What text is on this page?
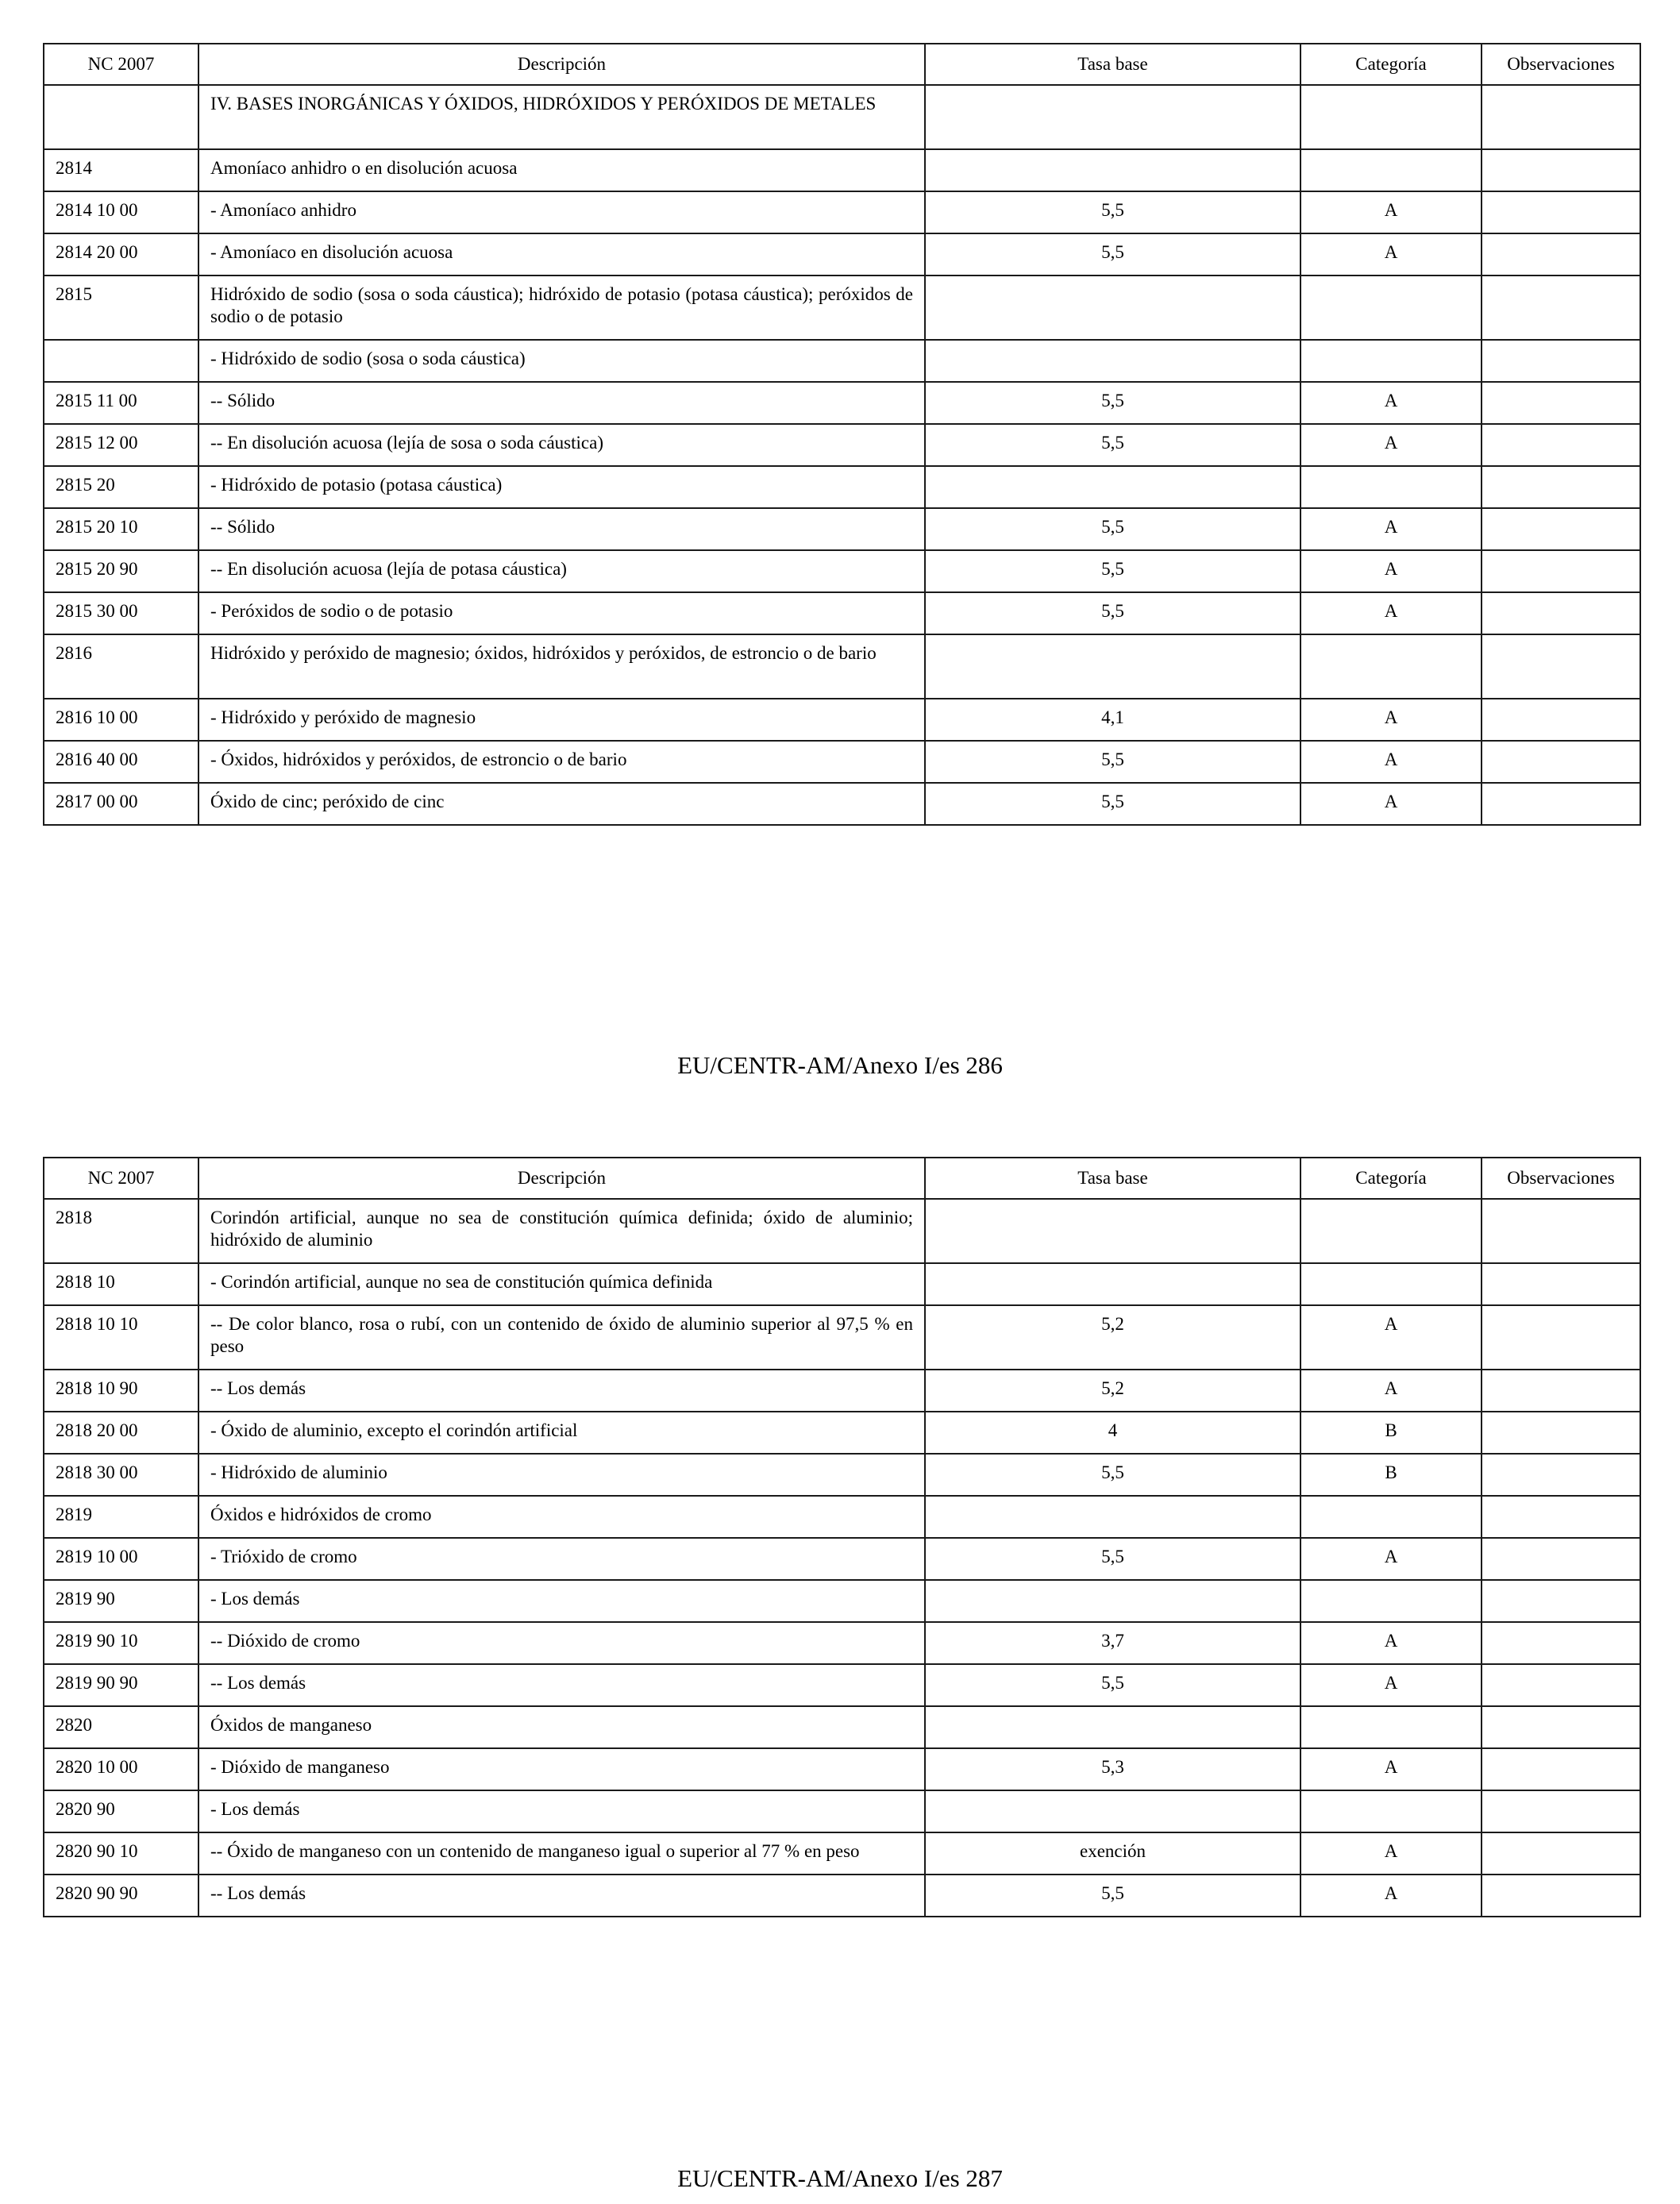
NC 2007	Descripción	Tasa base	Categoría	Observaciones
	IV. BASES INORGÁNICAS Y ÓXIDOS, HIDRÓXIDOS Y PERÓXIDOS DE METALES			
2814	Amoníaco anhidro o en disolución acuosa			
2814 10 00	- Amoníaco anhidro	5,5	A	
2814 20 00	- Amoníaco en disolución acuosa	5,5	A	
2815	Hidróxido de sodio (sosa o soda cáustica); hidróxido de potasio (potasa cáustica); peróxidos de sodio o de potasio			
	- Hidróxido de sodio (sosa o soda cáustica)			
2815 11 00	-- Sólido	5,5	A	
2815 12 00	-- En disolución acuosa (lejía de sosa o soda cáustica)	5,5	A	
2815 20	- Hidróxido de potasio (potasa cáustica)			
2815 20 10	-- Sólido	5,5	A	
2815 20 90	-- En disolución acuosa (lejía de potasa cáustica)	5,5	A	
2815 30 00	- Peróxidos de sodio o de potasio	5,5	A	
2816	Hidróxido y peróxido de magnesio; óxidos, hidróxidos y peróxidos, de estroncio o de bario			
2816 10 00	- Hidróxido y peróxido de magnesio	4,1	A	
2816 40 00	- Óxidos, hidróxidos y peróxidos, de estroncio o de bario	5,5	A	
2817 00 00	Óxido de cinc; peróxido de cinc	5,5	A	
EU/CENTR-AM/Anexo I/es 286
NC 2007	Descripción	Tasa base	Categoría	Observaciones
2818	Corindón artificial, aunque no sea de constitución química definida; óxido de aluminio; hidróxido de aluminio			
2818 10	- Corindón artificial, aunque no sea de constitución química definida			
2818 10 10	-- De color blanco, rosa o rubí, con un contenido de óxido de aluminio superior al 97,5 % en peso	5,2	A	
2818 10 90	-- Los demás	5,2	A	
2818 20 00	- Óxido de aluminio, excepto el corindón artificial	4	B	
2818 30 00	- Hidróxido de aluminio	5,5	B	
2819	Óxidos e hidróxidos de cromo			
2819 10 00	- Trióxido de cromo	5,5	A	
2819 90	- Los demás			
2819 90 10	-- Dióxido de cromo	3,7	A	
2819 90 90	-- Los demás	5,5	A	
2820	Óxidos de manganeso			
2820 10 00	- Dióxido de manganeso	5,3	A	
2820 90	- Los demás			
2820 90 10	-- Óxido de manganeso con un contenido de manganeso igual o superior al 77 % en peso	exención	A	
2820 90 90	-- Los demás	5,5	A	
EU/CENTR-AM/Anexo I/es 287
